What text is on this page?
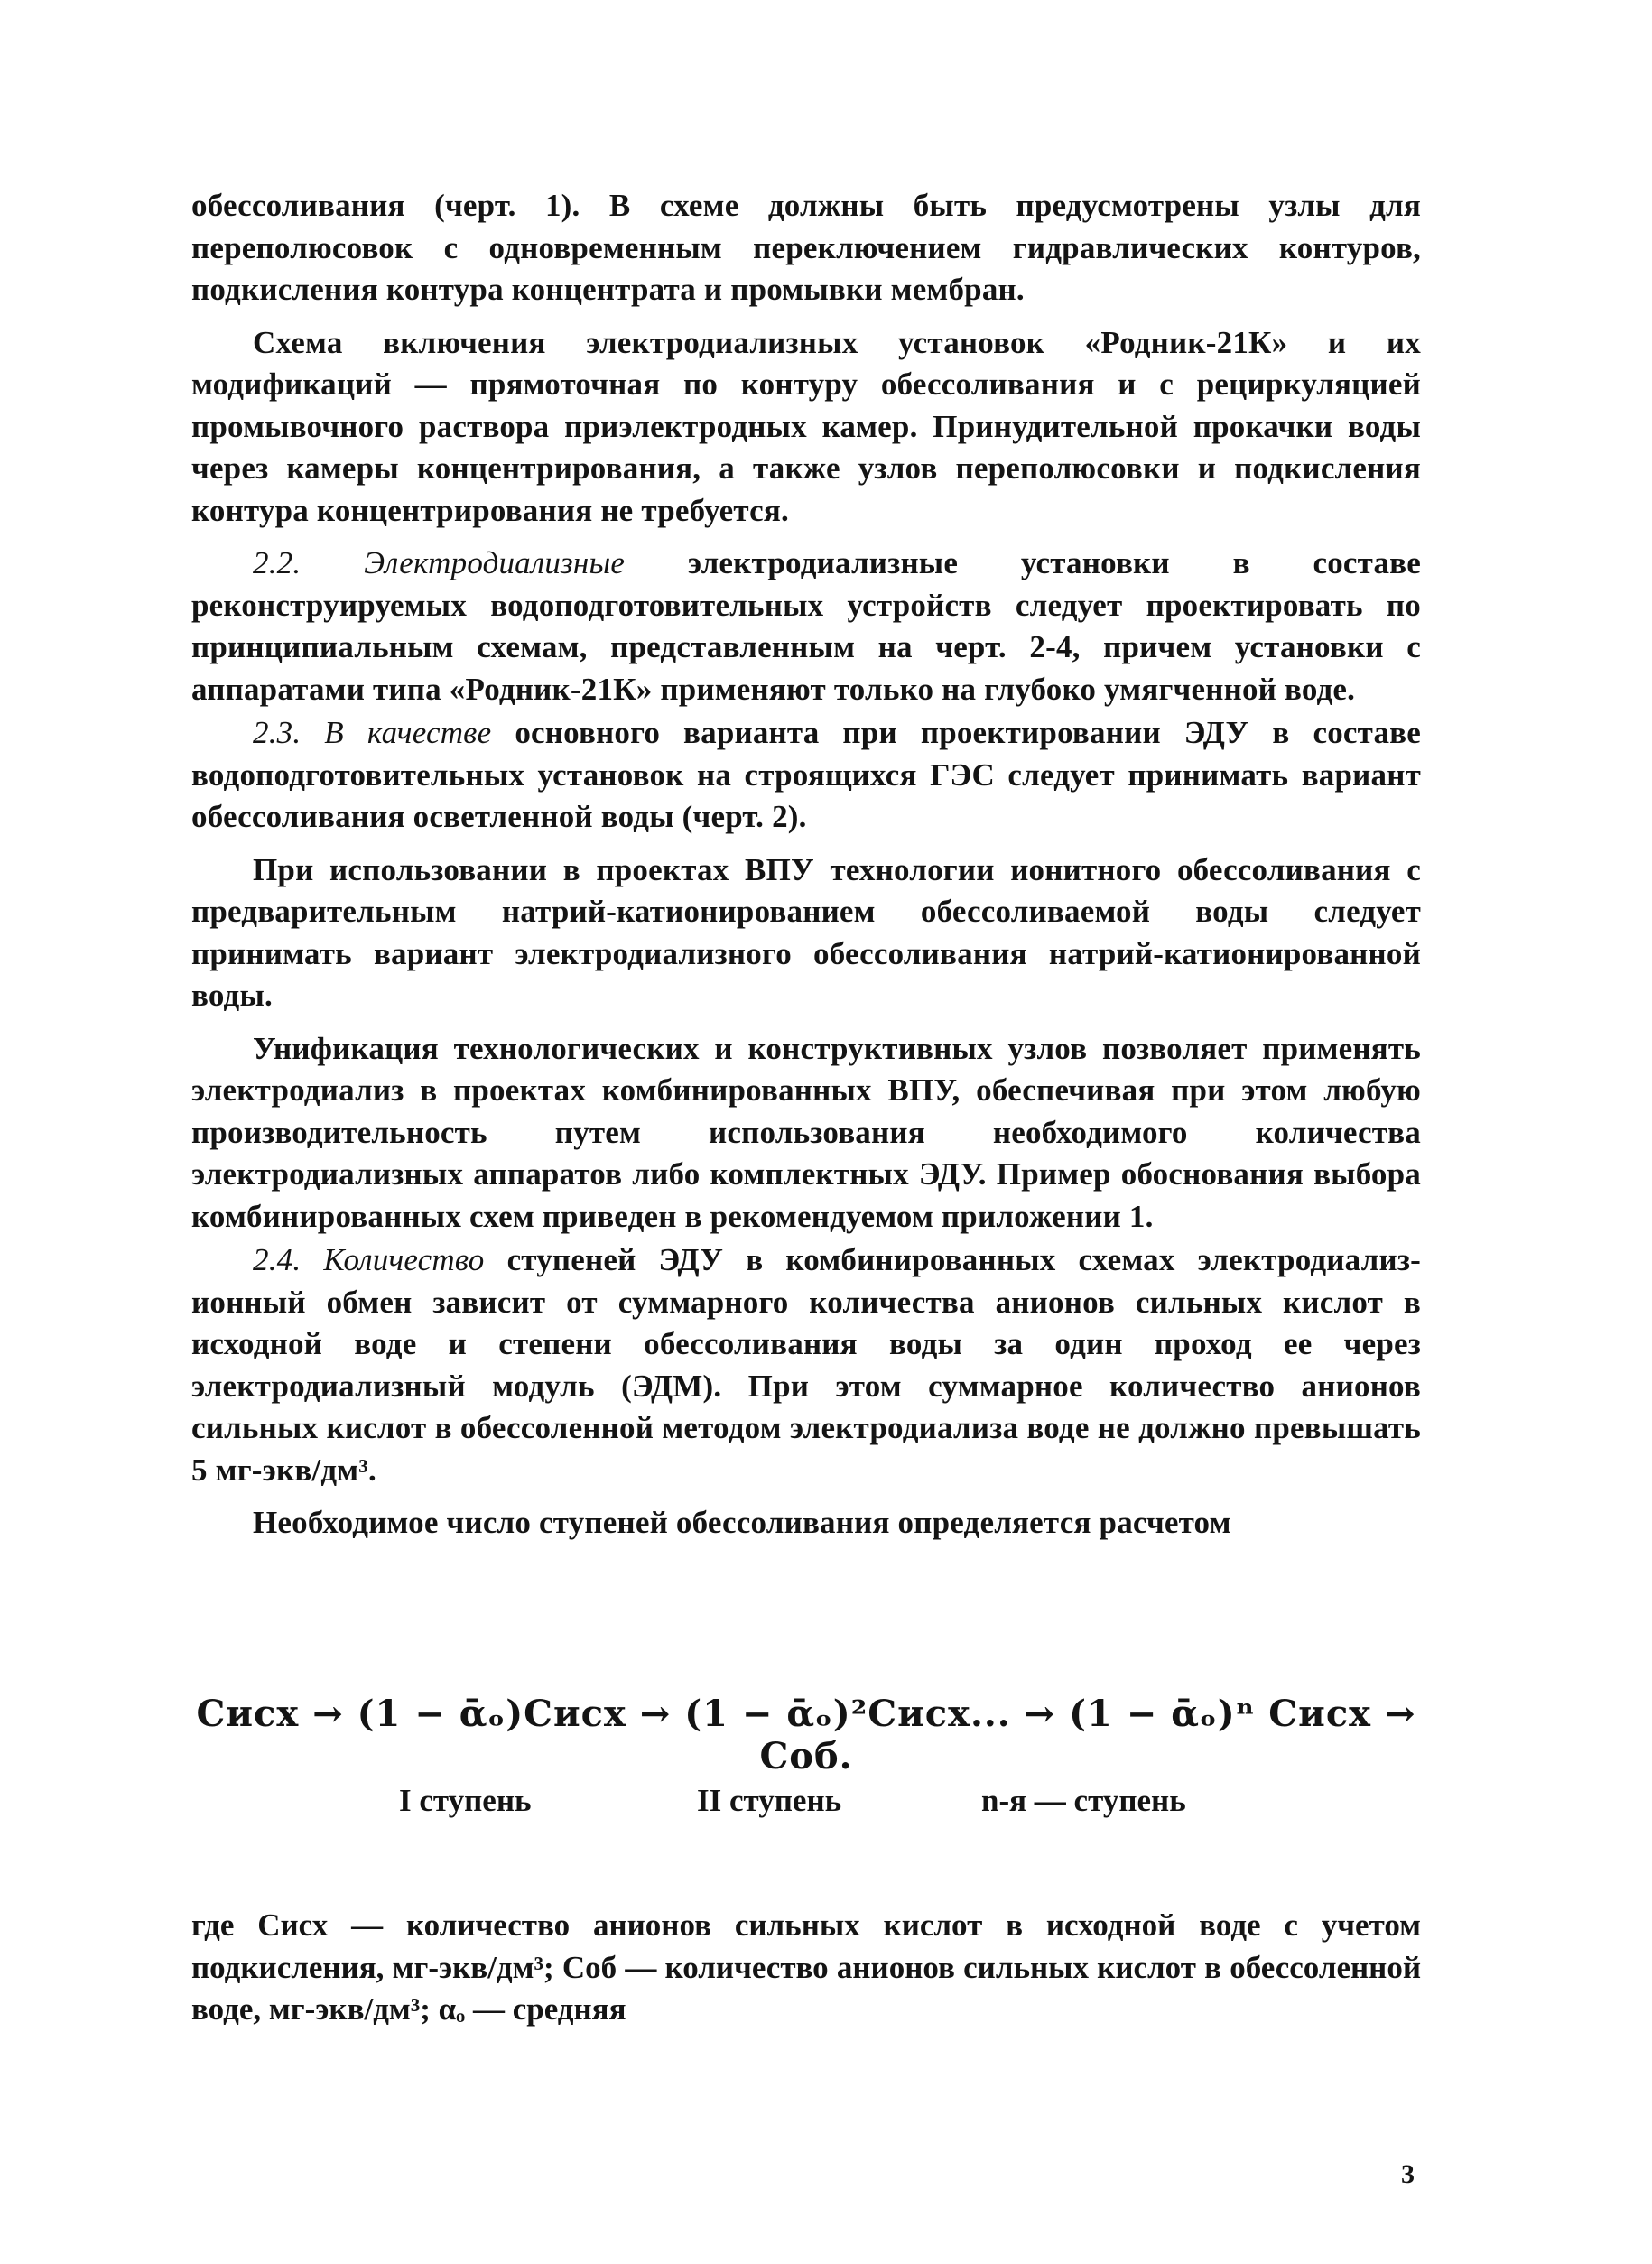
обессоливания (черт. 1). В схеме должны быть предусмотрены узлы для переполюсовок с одновременным переключением гидравлических контуров, подкисления контура концентрата и промывки мембран.

Схема включения электродиализных установок «Родник-21К» и их модификаций — прямоточная по контуру обессоливания и с рециркуляцией промывочного раствора приэлектродных камер. Принудительной прокачки воды через камеры концентрирования, а также узлов переполюсовки и подкисления контура концентрирования не требуется.

2.2. Электродиализные электродиализные установки в составе реконструируемых водоподготовительных устройств следует проектировать по принципиальным схемам, представленным на черт. 2-4, причем установки с аппаратами типа «Родник-21К» применяют только на глубоко умягченной воде.

2.3. В качестве основного варианта при проектировании ЭДУ в составе водоподготовительных установок на строящихся ГЭС следует принимать вариант обессоливания осветленной воды (черт. 2).

При использовании в проектах ВПУ технологии ионитного обессоливания с предварительным натрий-катионированием обессоливаемой воды следует принимать вариант электродиализного обессоливания натрий-катионированной воды.

Унификация технологических и конструктивных узлов позволяет применять электродиализ в проектах комбинированных ВПУ, обеспечивая при этом любую производительность путем использования необходимого количества электродиализных аппаратов либо комплектных ЭДУ. Пример обоснования выбора комбинированных схем приведен в рекомендуемом приложении 1.

2.4. Количество ступеней ЭДУ в комбинированных схемах электродиализ-ионный обмен зависит от суммарного количества анионов сильных кислот в исходной воде и степени обессоливания воды за один проход ее через электродиализный модуль (ЭДМ). При этом суммарное количество анионов сильных кислот в обессоленной методом электродиализа воде не должно превышать 5 мг-экв/дм³.

Необходимое число ступеней обессоливания определяется расчетом

Cисх → (1 − ᾱₒ)Cисх → (1 − ᾱₒ)²Cисх... → (1 − ᾱₒ)ⁿ Cисх → Cоб.
I ступень	II ступень	n-я — ступень
где Cисх — количество анионов сильных кислот в исходной воде с учетом подкисления, мг-экв/дм³; Cоб — количество анионов сильных кислот в обессоленной воде, мг-экв/дм³; αₒ — средняя
3
